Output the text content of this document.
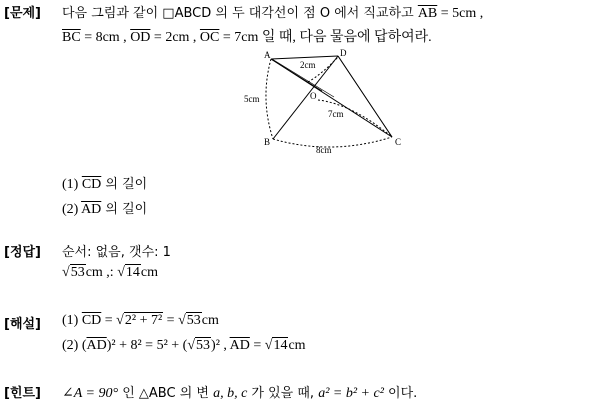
[문제] 다음 그림과 같이 □ABCD 의 두 대각선이 점 O 에서 직교하고 $\overline{AB} = 5cm$ ,
$\overline{BC} = 8cm$ , $\overline{OD} = 2cm$ , $\overline{OC} = 7cm$ 일 때, 다음 물음에 답하여라.
A
B	C
D
O
2cm
5cm
7cm
8cm
(1) $\overline{CD}$ 의 길이
(2) $\overline{AD}$ 의 길이
[정답] 순서: 없음, 갯수: 1
√53cm ,: √14cm
[해설] (1) $\overline{CD} = √2^2 + 7^2 = √53cm$
(2) $(\overline{AD})^2 + 8^2 = 5^2 + (√53)^2$ , $\overline{AD} = √14cm$
[힌트] ∠A = 90° 인 △ABC 의 변 a, b, c 가 있을 때, a² = b² + c² 이다.
